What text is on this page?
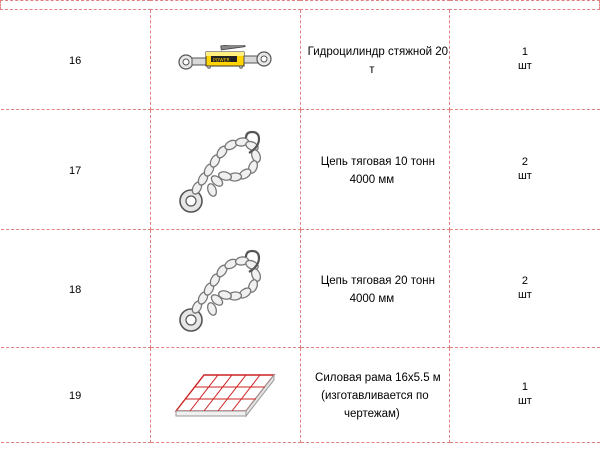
16	POWER	Гидроцилиндр стяжной 20 т	1
шт

17		Цепь тяговая 10 тонн 4000 мм	2
шт

18		Цепь тяговая 20 тонн 4000 мм	2
шт

19		Силовая рама 16x5.5 м (изготавливается по чертежам)	1
шт
